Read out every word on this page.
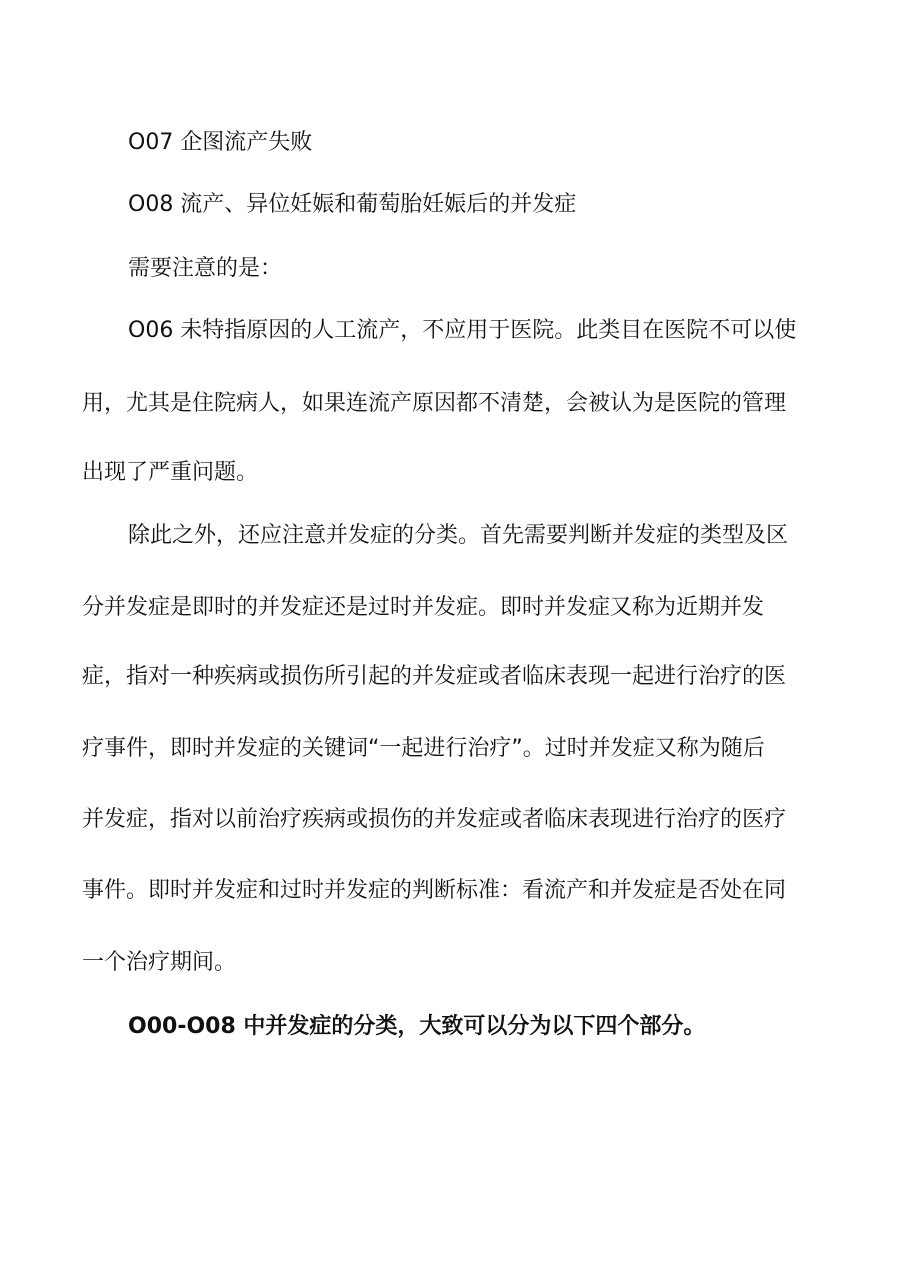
O07 企图流产失败
O08 流产、异位妊娠和葡萄胎妊娠后的并发症
需要注意的是：
O06 未特指原因的人工流产，不应用于医院。此类目在医院不可以使
用，尤其是住院病人，如果连流产原因都不清楚，会被认为是医院的管理
出现了严重问题。
除此之外，还应注意并发症的分类。首先需要判断并发症的类型及区
分并发症是即时的并发症还是过时并发症。即时并发症又称为近期并发
症，指对一种疾病或损伤所引起的并发症或者临床表现一起进行治疗的医
疗事件，即时并发症的关键词“一起进行治疗”。过时并发症又称为随后
并发症，指对以前治疗疾病或损伤的并发症或者临床表现进行治疗的医疗
事件。即时并发症和过时并发症的判断标准：看流产和并发症是否处在同
一个治疗期间。
O00-O08 中并发症的分类，大致可以分为以下四个部分。
